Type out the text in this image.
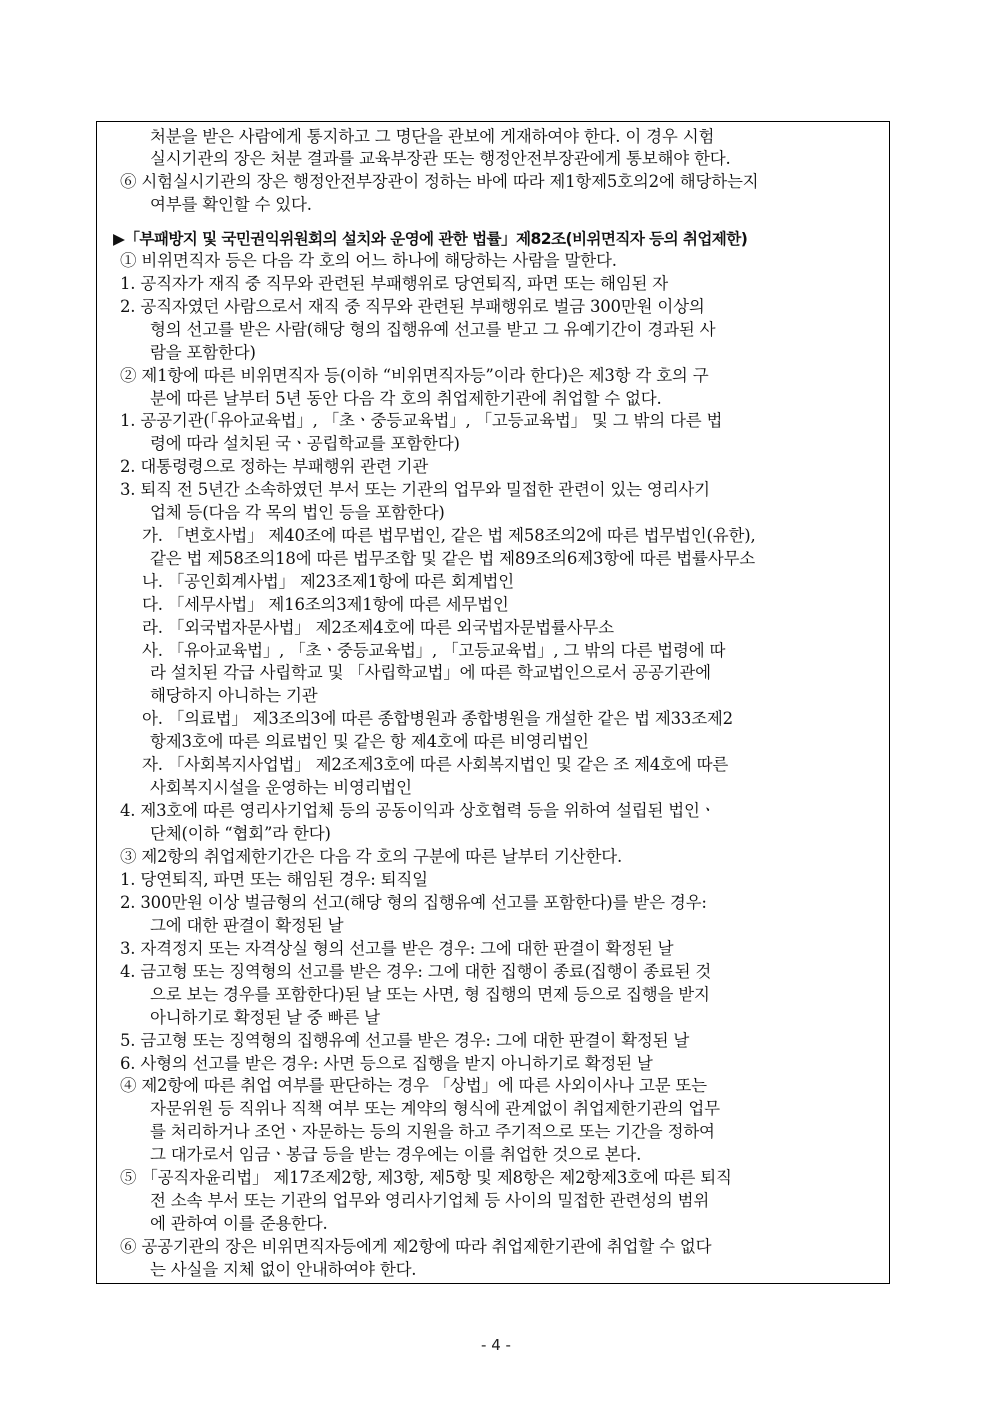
처분을 받은 사람에게 통지하고 그 명단을 관보에 게재하여야 한다. 이 경우 시험
실시기관의 장은 처분 결과를 교육부장관 또는 행정안전부장관에게 통보해야 한다.
⑥ 시험실시기관의 장은 행정안전부장관이 정하는 바에 따라 제1항제5호의2에 해당하는지
여부를 확인할 수 있다.
▶「부패방지 및 국민권익위원회의 설치와 운영에 관한 법률」제82조(비위면직자 등의 취업제한)
① 비위면직자 등은 다음 각 호의 어느 하나에 해당하는 사람을 말한다.
1. 공직자가 재직 중 직무와 관련된 부패행위로 당연퇴직, 파면 또는 해임된 자
2. 공직자였던 사람으로서 재직 중 직무와 관련된 부패행위로 벌금 300만원 이상의
형의 선고를 받은 사람(해당 형의 집행유예 선고를 받고 그 유예기간이 경과된 사
람을 포함한다)
② 제1항에 따른 비위면직자 등(이하 “비위면직자등”이라 한다)은 제3항 각 호의 구
분에 따른 날부터 5년 동안 다음 각 호의 취업제한기관에 취업할 수 없다.
1. 공공기관(「유아교육법」, 「초ㆍ중등교육법」, 「고등교육법」 및 그 밖의 다른 법
령에 따라 설치된 국ㆍ공립학교를 포함한다)
2. 대통령령으로 정하는 부패행위 관련 기관
3. 퇴직 전 5년간 소속하였던 부서 또는 기관의 업무와 밀접한 관련이 있는 영리사기
업체 등(다음 각 목의 법인 등을 포함한다)
가. 「변호사법」 제40조에 따른 법무법인, 같은 법 제58조의2에 따른 법무법인(유한),
같은 법 제58조의18에 따른 법무조합 및 같은 법 제89조의6제3항에 따른 법률사무소
나. 「공인회계사법」 제23조제1항에 따른 회계법인
다. 「세무사법」 제16조의3제1항에 따른 세무법인
라. 「외국법자문사법」 제2조제4호에 따른 외국법자문법률사무소
사. 「유아교육법」, 「초ㆍ중등교육법」, 「고등교육법」, 그 밖의 다른 법령에 따
라 설치된 각급 사립학교 및 「사립학교법」에 따른 학교법인으로서 공공기관에
해당하지 아니하는 기관
아. 「의료법」 제3조의3에 따른 종합병원과 종합병원을 개설한 같은 법 제33조제2
항제3호에 따른 의료법인 및 같은 항 제4호에 따른 비영리법인
자. 「사회복지사업법」 제2조제3호에 따른 사회복지법인 및 같은 조 제4호에 따른
사회복지시설을 운영하는 비영리법인
4. 제3호에 따른 영리사기업체 등의 공동이익과 상호협력 등을 위하여 설립된 법인ㆍ
단체(이하 “협회”라 한다)
③ 제2항의 취업제한기간은 다음 각 호의 구분에 따른 날부터 기산한다.
1. 당연퇴직, 파면 또는 해임된 경우: 퇴직일
2. 300만원 이상 벌금형의 선고(해당 형의 집행유예 선고를 포함한다)를 받은 경우:
그에 대한 판결이 확정된 날
3. 자격정지 또는 자격상실 형의 선고를 받은 경우: 그에 대한 판결이 확정된 날
4. 금고형 또는 징역형의 선고를 받은 경우: 그에 대한 집행이 종료(집행이 종료된 것
으로 보는 경우를 포함한다)된 날 또는 사면, 형 집행의 면제 등으로 집행을 받지
아니하기로 확정된 날 중 빠른 날
5. 금고형 또는 징역형의 집행유예 선고를 받은 경우: 그에 대한 판결이 확정된 날
6. 사형의 선고를 받은 경우: 사면 등으로 집행을 받지 아니하기로 확정된 날
④ 제2항에 따른 취업 여부를 판단하는 경우 「상법」에 따른 사외이사나 고문 또는
자문위원 등 직위나 직책 여부 또는 계약의 형식에 관계없이 취업제한기관의 업무
를 처리하거나 조언ㆍ자문하는 등의 지원을 하고 주기적으로 또는 기간을 정하여
그 대가로서 임금ㆍ봉급 등을 받는 경우에는 이를 취업한 것으로 본다.
⑤ 「공직자윤리법」 제17조제2항, 제3항, 제5항 및 제8항은 제2항제3호에 따른 퇴직
전 소속 부서 또는 기관의 업무와 영리사기업체 등 사이의 밀접한 관련성의 범위
에 관하여 이를 준용한다.
⑥ 공공기관의 장은 비위면직자등에게 제2항에 따라 취업제한기관에 취업할 수 없다
는 사실을 지체 없이 안내하여야 한다.
- 4 -
